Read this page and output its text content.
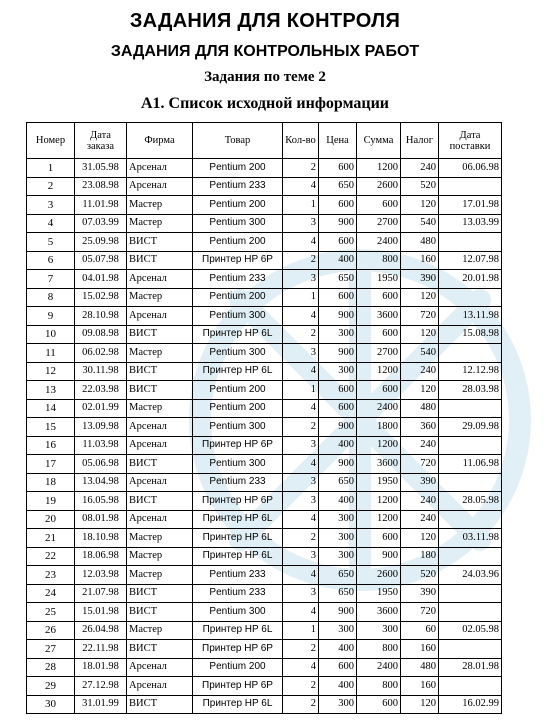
ЗАДАНИЯ ДЛЯ КОНТРОЛЯ
ЗАДАНИЯ ДЛЯ КОНТРОЛЬНЫХ РАБОТ
Задания по теме 2
А1. Список исходной информации
Номер	Дата заказа	Фирма	Товар	Кол-во	Цена	Сумма	Налог	Дата поставки
1	31.05.98	Арсенал	Pentium 200	2	600	1200	240	06.06.98
2	23.08.98	Арсенал	Pentium 233	4	650	2600	520	
3	11.01.98	Мастер	Pentium 200	1	600	600	120	17.01.98
4	07.03.99	Мастер	Pentium 300	3	900	2700	540	13.03.99
5	25.09.98	ВИСТ	Pentium 200	4	600	2400	480	
6	05.07.98	ВИСТ	Принтер HP 6P	2	400	800	160	12.07.98
7	04.01.98	Арсенал	Pentium 233	3	650	1950	390	20.01.98
8	15.02.98	Мастер	Pentium 200	1	600	600	120	
9	28.10.98	Арсенал	Pentium 300	4	900	3600	720	13.11.98
10	09.08.98	ВИСТ	Принтер HP 6L	2	300	600	120	15.08.98
11	06.02.98	Мастер	Pentium 300	3	900	2700	540	
12	30.11.98	ВИСТ	Принтер HP 6L	4	300	1200	240	12.12.98
13	22.03.98	ВИСТ	Pentium 200	1	600	600	120	28.03.98
14	02.01.99	Мастер	Pentium 200	4	600	2400	480	
15	13.09.98	Арсенал	Pentium 300	2	900	1800	360	29.09.98
16	11.03.98	Арсенал	Принтер HP 6P	3	400	1200	240	
17	05.06.98	ВИСТ	Pentium 300	4	900	3600	720	11.06.98
18	13.04.98	Арсенал	Pentium 233	3	650	1950	390	
19	16.05.98	ВИСТ	Принтер HP 6P	3	400	1200	240	28.05.98
20	08.01.98	Арсенал	Принтер HP 6L	4	300	1200	240	
21	18.10.98	Мастер	Принтер HP 6L	2	300	600	120	03.11.98
22	18.06.98	Мастер	Принтер HP 6L	3	300	900	180	
23	12.03.98	Мастер	Pentium 233	4	650	2600	520	24.03.96
24	21.07.98	ВИСТ	Pentium 233	3	650	1950	390	
25	15.01.98	ВИСТ	Pentium 300	4	900	3600	720	
26	26.04.98	Мастер	Принтер HP 6L	1	300	300	60	02.05.98
27	22.11.98	ВИСТ	Принтер HP 6P	2	400	800	160	
28	18.01.98	Арсенал	Pentium 200	4	600	2400	480	28.01.98
29	27.12.98	Арсенал	Принтер HP 6P	2	400	800	160	
30	31.01.99	ВИСТ	Принтер HP 6L	2	300	600	120	16.02.99
